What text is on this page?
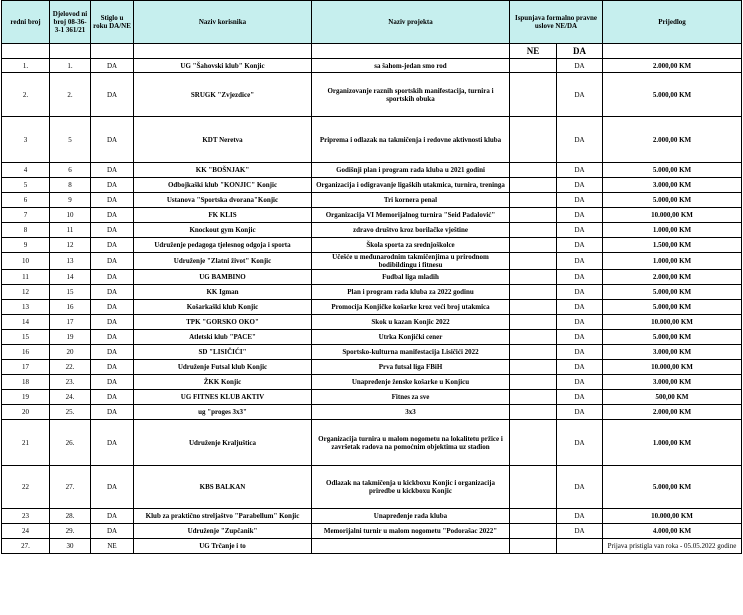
redni broj	Djelovod ni broj 08-36-3-1 361/21	Stiglo u roku DA/NE	Naziv korisnika	Naziv projekta	Ispunjava formalno pravne uslove NE/DA		Prijedlog
					NE	DA	
1.	1.	DA	UG "Šahovski klub" Konjic	sa šahom-jedan smo rod		DA	2.000,00 KM
2.	2.	DA	SRUGK "Zvjezdice"	Organizovanje raznih sportskih manifestacija, turnira i sportskih obuka		DA	5.000,00 KM
3	5	DA	KDT Neretva	Priprema i odlazak na takmičenja i redovne aktivnosti kluba		DA	2.000,00 KM
4	6	DA	KK "BOŠNJAK"	Godišnji plan i program rada kluba u 2021 godini		DA	5.000,00 KM
5	8	DA	Odbojkaški klub "KONJIC" Konjic	Organizacija i odigravanje ligaških utakmica, turnira, treninga		DA	3.000,00 KM
6	9	DA	Ustanova "Sportska dvorana"Konjic	Tri kornera penal		DA	5.000,00 KM
7	10	DA	FK KLIS	Organizacija VI Memorijalnog turnira "Seid Padalović"		DA	10.000,00 KM
8	11	DA	Knockout gym Konjic	zdravo društvo kroz borilačke vještine		DA	1.000,00 KM
9	12	DA	Udruženje pedagoga tjelesnog odgoja i sporta	Škola sporta za srednjoškolce		DA	1.500,00 KM
10	13	DA	Udruženje "Zlatni život" Konjic	Učešće u međunarodnim takmičenjima u prirodnom bodibildingu i fitnesu		DA	1.000,00 KM
11	14	DA	UG BAMBINO	Fudbal liga mladih		DA	2.000,00 KM
12	15	DA	KK Igman	Plan i program rada kluba za 2022 godinu		DA	5.000,00 KM
13	16	DA	Košarkaški klub Konjic	Promocija Konjičke košarke kroz veći broj utakmica		DA	5.000,00 KM
14	17	DA	TPK "GORSKO OKO"	Skok u kazan Konjic 2022		DA	10.000,00 KM
15	19	DA	Atletski klub "PACE"	Utrka Konjički cener		DA	5.000,00 KM
16	20	DA	SD "LISIČIĆI"	Sportsko-kulturna manifestacija Lisičići 2022		DA	3.000,00 KM
17	22.	DA	Udruženje Futsal klub Konjic	Prva futsal liga FBiH		DA	10.000,00 KM
18	23.	DA	ŽKK Konjic	Unapređenje ženske košarke u Konjicu		DA	3.000,00 KM
19	24.	DA	UG FITNES KLUB AKTIV	Fitnes za sve		DA	500,00 KM
20	25.	DA	ug "proges 3x3"	3x3		DA	2.000,00 KM
21	26.	DA	Udruženje Kraljuštica	Organizacija turnira u malom nogometu na lokalitetu pržice i završetak radova na pomoćnim objektima uz stadion		DA	1.000,00 KM
22	27.	DA	KBS BALKAN	Odlazak na takmičenja u kickboxu Konjic i organizacija priredbe u kickboxu Konjic		DA	5.000,00 KM
23	28.	DA	Klub za praktično streljaštvo "Parabellum" Konjic	Unapređenje rada kluba		DA	10.000,00 KM
24	29.	DA	Udruženje "Zupčanik"	Memorijalni turnir u malom nogometu "Podorašac 2022"		DA	4.000,00 KM
27.	30	NE	UG Trčanje i to				Prijava pristigla van roka - 05.05.2022 godine
